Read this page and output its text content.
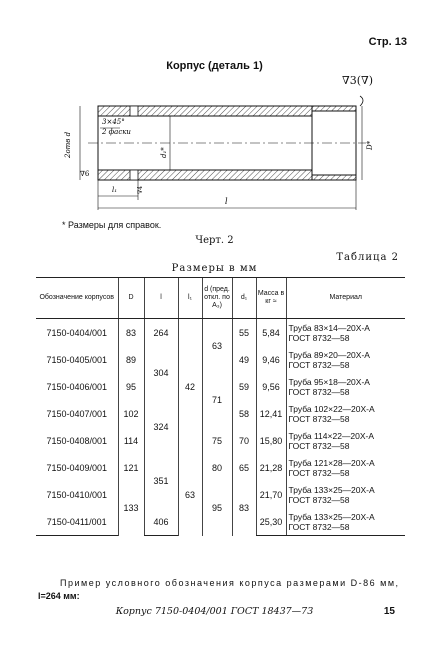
Стр. 13
Корпус (деталь 1)
∇3(∇)
3×45°
2 фаски
2отв d	d₁*
D*
∇6
l₁	∇4
l
* Размеры для справок.
Черт. 2
Таблица 2
Размеры в мм
Обозначение корпусов	D	l	l₁	d (пред. откл. по A₃)	d₁	Масса в кг ≈	Материал
7150-0404/001	83	264	42	63	55	5,84	Труба 83×14—20Х-А
ГОСТ 8732—58
7150-0405/001	89	304			49	9,46	Труба 89×20—20Х-А
ГОСТ 8732—58
7150-0406/001	95			71	59	9,56	Труба 95×18—20Х-А
ГОСТ 8732—58
7150-0407/001	102	324			58	12,41	Труба 102×22—20Х-А
ГОСТ 8732—58
7150-0408/001	114			75	70	15,80	Труба 114×22—20Х-А
ГОСТ 8732—58
7150-0409/001	121	351	63	80	65	21,28	Труба 121×28—20Х-А
ГОСТ 8732—58
7150-0410/001	133			95	83	21,70	Труба 133×25—20Х-А
ГОСТ 8732—58
7150-0411/001		406				25,30	Труба 133×25—20Х-А
ГОСТ 8732—58
Пример условного обозначения корпуса размерами D-86 мм,
l=264 мм:
Корпус 7150-0404/001 ГОСТ 18437—73	15
